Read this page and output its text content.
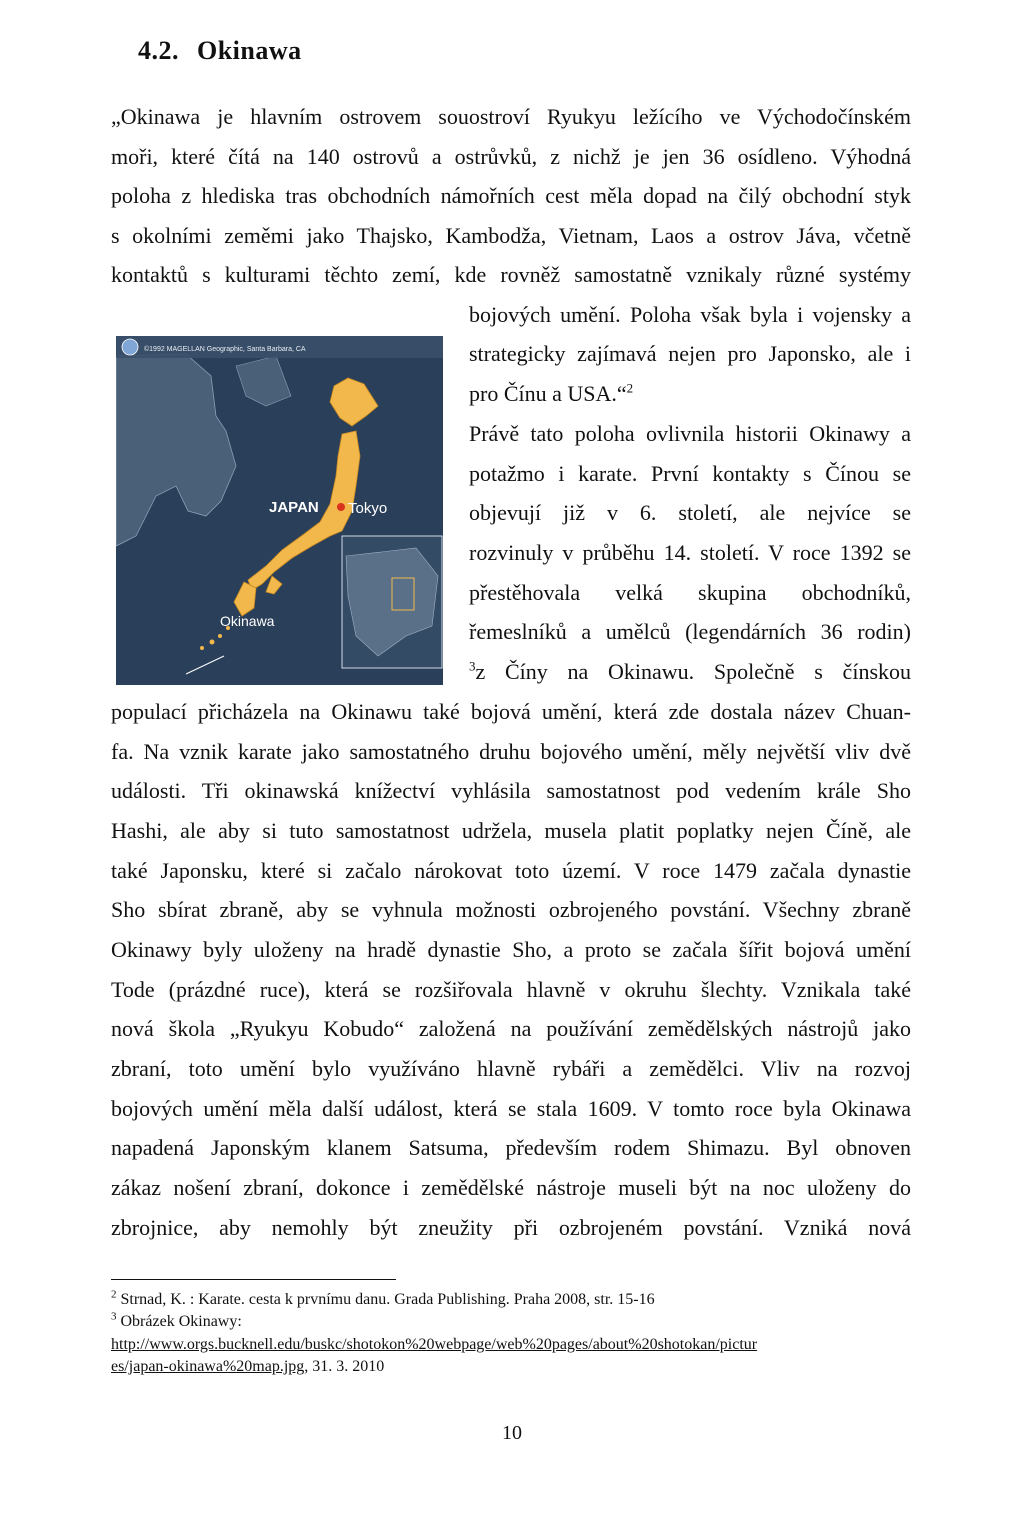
4.2. Okinawa
„Okinawa je hlavním ostrovem souostroví Ryukyu ležícího ve Východočínském
moři, které čítá na 140 ostrovů a ostrůvků, z nichž je jen 36 osídleno. Výhodná
poloha z hlediska tras obchodních námořních cest měla dopad na čilý obchodní styk
s okolními zeměmi jako Thajsko, Kambodža, Vietnam, Laos a ostrov Jáva, včetně
kontaktů s kulturami těchto zemí, kde rovněž samostatně vznikaly různé systémy
bojových umění. Poloha však byla i vojensky a
strategicky zajímavá nejen pro Japonsko, ale i
pro Čínu a USA.“$^2$
Právě tato poloha ovlivnila historii Okinawy a
potažmo i karate. První kontakty s Čínou se
objevují již v 6. století, ale nejvíce se
rozvinuly v průběhu 14. století. V roce 1392 se
přestěhovala velká skupina obchodníků,
řemeslníků a umělců (legendárních 36 rodin)
$^3$z Číny na Okinawu. Společně s čínskou
populací přicházela na Okinawu také bojová umění, která zde dostala název Chuan-
fa. Na vznik karate jako samostatného druhu bojového umění, měly největší vliv dvě
události. Tři okinawská knížectví vyhlásila samostatnost pod vedením krále Sho
Hashi, ale aby si tuto samostatnost udržela, musela platit poplatky nejen Číně, ale
také Japonsku, které si začalo nárokovat toto území. V roce 1479 začala dynastie
Sho sbírat zbraně, aby se vyhnula možnosti ozbrojeného povstání. Všechny zbraně
Okinawy byly uloženy na hradě dynastie Sho, a proto se začala šířit bojová umění
Tode (prázdné ruce), která se rozšiřovala hlavně v okruhu šlechty. Vznikala také
nová škola „Ryukyu Kobudo“ založená na používání zemědělských nástrojů jako
zbraní, toto umění bylo využíváno hlavně rybáři a zemědělci. Vliv na rozvoj
bojových umění měla další událost, která se stala 1609. V tomto roce byla Okinawa
napadená Japonským klanem Satsuma, především rodem Shimazu. Byl obnoven
zákaz nošení zbraní, dokonce i zemědělské nástroje museli být na noc uloženy do
zbrojnice, aby nemohly být zneužity při ozbrojeném povstání. Vzniká nová
©1992 MAGELLAN Geographic, Santa Barbara, CA
JAPAN Tokyo
Okinawa
$^2$ Strnad, K. : Karate. cesta k prvnímu danu. Grada Publishing. Praha 2008, str. 15-16
$^3$ Obrázek Okinawy:
http://www.orgs.bucknell.edu/buskc/shotokon%20webpage/web%20pages/about%20shotokan/pictur
es/japan-okinawa%20map.jpg, 31. 3. 2010
10
